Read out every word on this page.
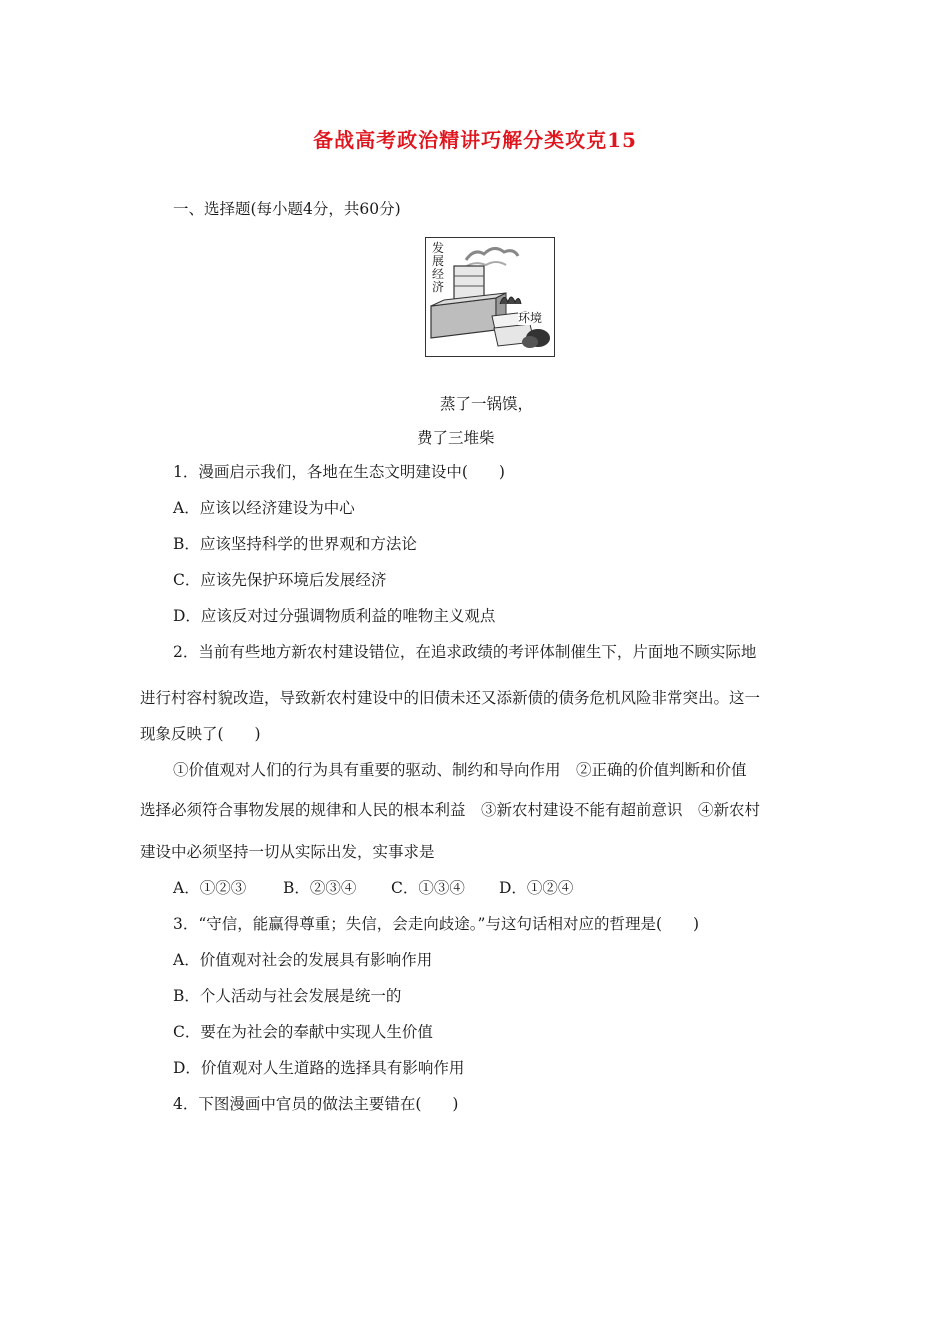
备战高考政治精讲巧解分类攻克15
一、选择题(每小题4分，共60分)
发
展
经
济
环境
蒸了一锅馍，
费了三堆柴
1．漫画启示我们，各地在生态文明建设中(　　)
A．应该以经济建设为中心
B．应该坚持科学的世界观和方法论
C．应该先保护环境后发展经济
D．应该反对过分强调物质利益的唯物主义观点
2．当前有些地方新农村建设错位，在追求政绩的考评体制催生下，片面地不顾实际地
进行村容村貌改造，导致新农村建设中的旧债未还又添新债的债务危机风险非常突出。这一
现象反映了(　　)
①价值观对人们的行为具有重要的驱动、制约和导向作用　②正确的价值判断和价值
选择必须符合事物发展的规律和人民的根本利益　③新农村建设不能有超前意识　④新农村
建设中必须坚持一切从实际出发，实事求是
A．①②③ B．②③④ C．①③④ D．①②④
3．“守信，能赢得尊重；失信，会走向歧途。”与这句话相对应的哲理是(　　)
A．价值观对社会的发展具有影响作用
B．个人活动与社会发展是统一的
C．要在为社会的奉献中实现人生价值
D．价值观对人生道路的选择具有影响作用
4．下图漫画中官员的做法主要错在(　　)
